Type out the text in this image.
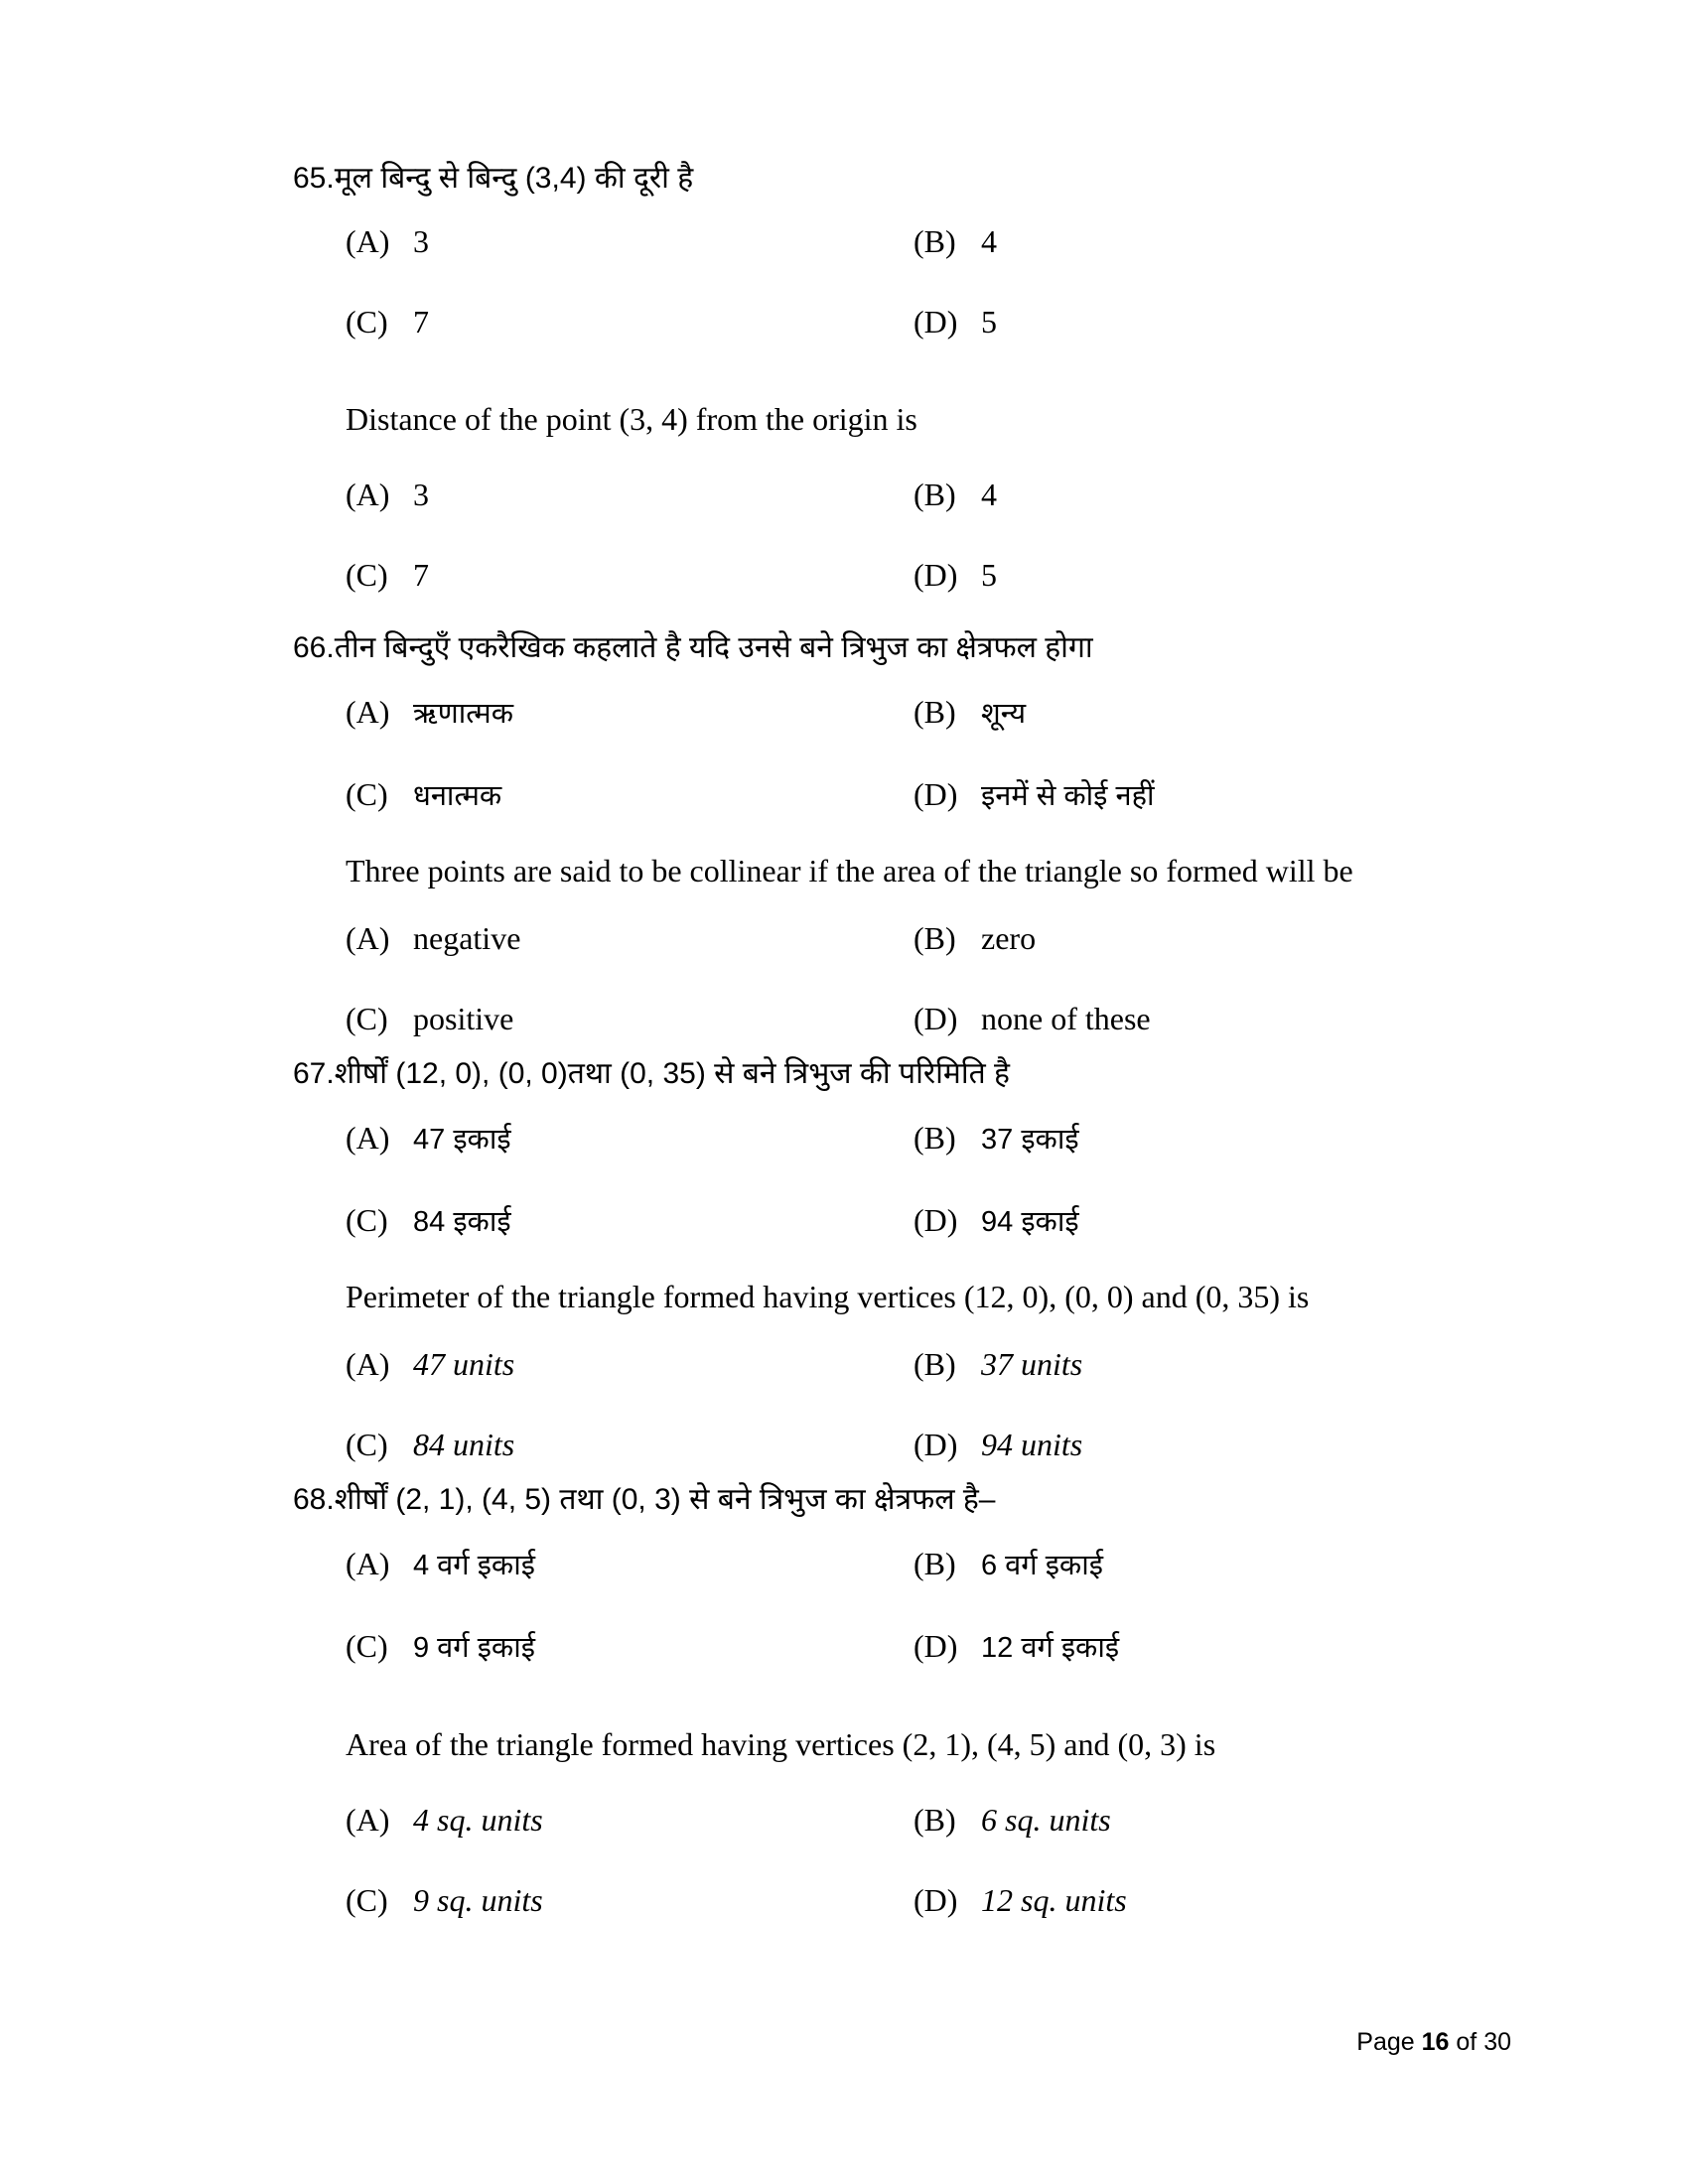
65. मूल बिन्दु से बिन्दु (3,4) की दूरी है
(A) 3	(B) 4
(C) 7	(D) 5
Distance of the point (3, 4) from the origin is
(A) 3	(B) 4
(C) 7	(D) 5
66. तीन बिन्दुएँ एकरैखिक कहलाते है यदि उनसे बने त्रिभुज का क्षेत्रफल होगा
(A) ऋणात्मक	(B) शून्य
(C) धनात्मक	(D) इनमें से कोई नहीं
Three points are said to be collinear if the area of the triangle so formed will be
(A) negative	(B) zero
(C) positive	(D) none of these
67. शीर्षों (12, 0), (0, 0)तथा (0, 35) से बने त्रिभुज की परिमिति है
(A) 47 इकाई	(B) 37 इकाई
(C) 84 इकाई	(D) 94 इकाई
Perimeter of the triangle formed having vertices (12, 0), (0, 0) and (0, 35) is
(A) 47 units	(B) 37 units
(C) 84 units	(D) 94 units
68. शीर्षों (2, 1), (4, 5) तथा (0, 3) से बने त्रिभुज का क्षेत्रफल है–
(A) 4 वर्ग इकाई	(B) 6 वर्ग इकाई
(C) 9 वर्ग इकाई	(D) 12 वर्ग इकाई
Area of the triangle formed having vertices (2, 1), (4, 5) and (0, 3) is
(A) 4 sq. units	(B) 6 sq. units
(C) 9 sq. units	(D) 12 sq. units
Page 16 of 30
